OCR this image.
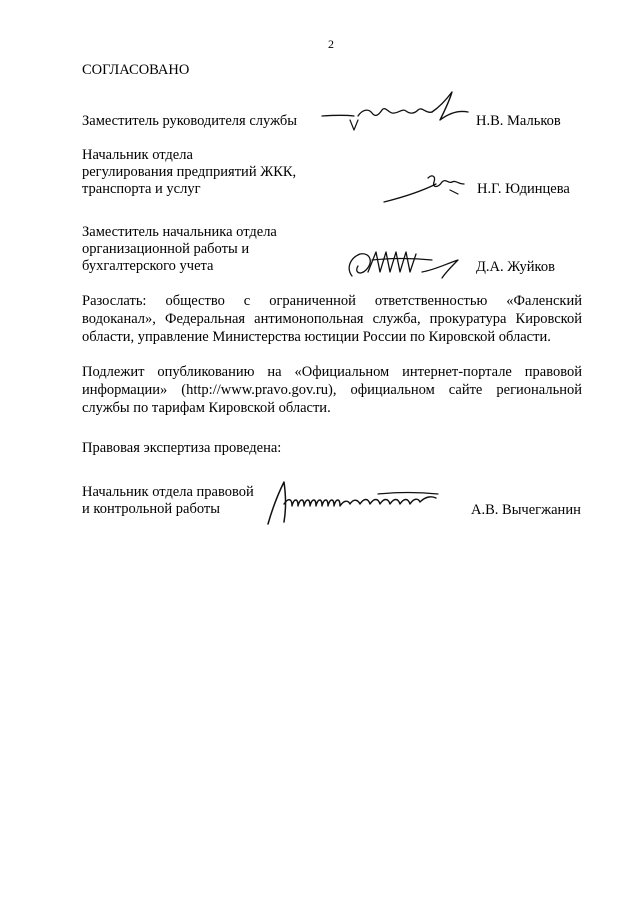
2
СОГЛАСОВАНО
Заместитель руководителя службы	Н.В. Мальков
Начальник отдела
регулирования предприятий ЖКК,
транспорта и услуг	Н.Г. Юдинцева
Заместитель начальника отдела
организационной работы и
бухгалтерского учета	Д.А. Жуйков
Разослать: общество с ограниченной ответственностью «Фаленский водоканал», Федеральная антимонопольная служба, прокуратура Кировской области, управление Министерства юстиции России по Кировской области.
Подлежит опубликованию на «Официальном интернет-портале правовой информации» (http://www.pravo.gov.ru), официальном сайте региональной службы по тарифам Кировской области.
Правовая экспертиза проведена:
Начальник отдела правовой
и контрольной работы	А.В. Вычегжанин
